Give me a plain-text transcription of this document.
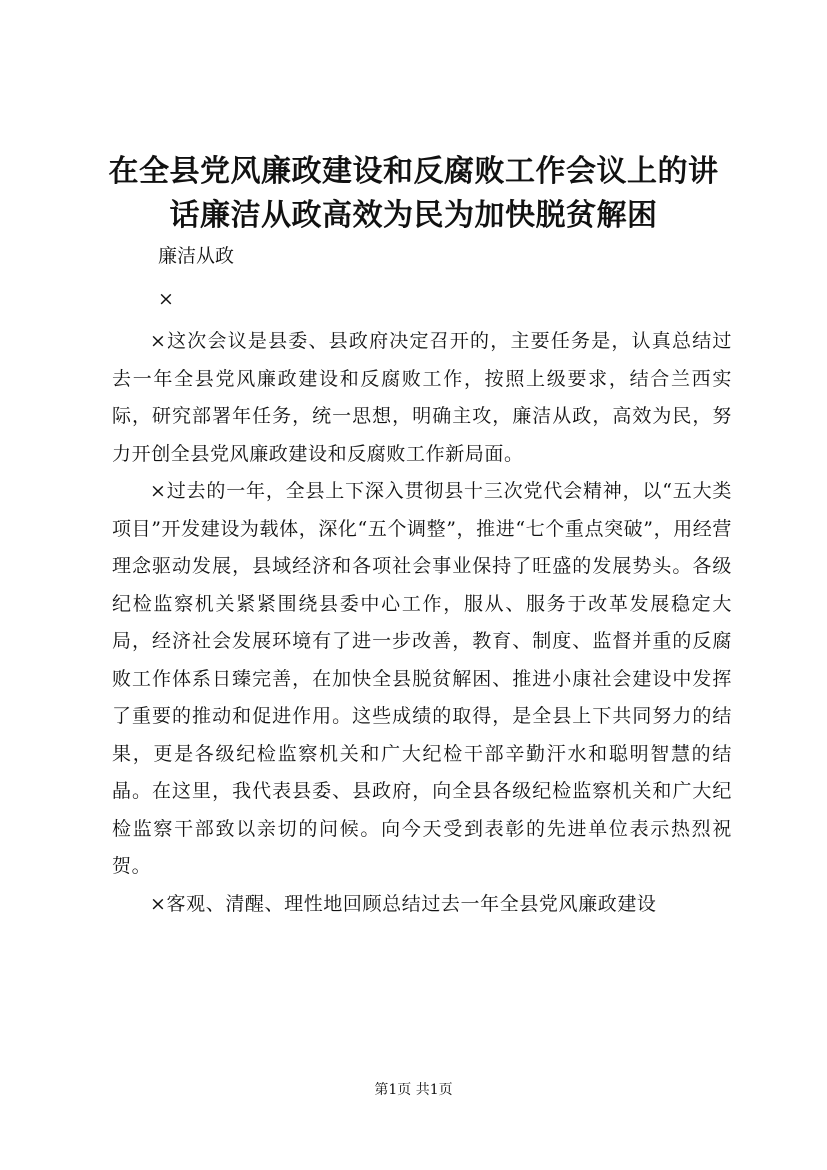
在全县党风廉政建设和反腐败工作会议上的讲话廉洁从政高效为民为加快脱贫解困
廉洁从政
×

×这次会议是县委、县政府决定召开的，主要任务是，认真总结过去一年全县党风廉政建设和反腐败工作，按照上级要求，结合兰西实际，研究部署年任务，统一思想，明确主攻，廉洁从政，高效为民，努力开创全县党风廉政建设和反腐败工作新局面。

×过去的一年，全县上下深入贯彻县十三次党代会精神，以“五大类项目”开发建设为载体，深化“五个调整”，推进“七个重点突破”，用经营理念驱动发展，县域经济和各项社会事业保持了旺盛的发展势头。各级纪检监察机关紧紧围绕县委中心工作，服从、服务于改革发展稳定大局，经济社会发展环境有了进一步改善，教育、制度、监督并重的反腐败工作体系日臻完善，在加快全县脱贫解困、推进小康社会建设中发挥了重要的推动和促进作用。这些成绩的取得，是全县上下共同努力的结果，更是各级纪检监察机关和广大纪检干部辛勤汗水和聪明智慧的结晶。在这里，我代表县委、县政府，向全县各级纪检监察机关和广大纪检监察干部致以亲切的问候。向今天受到表彰的先进单位表示热烈祝贺。

×客观、清醒、理性地回顾总结过去一年全县党风廉政建设

第1页 共1页
